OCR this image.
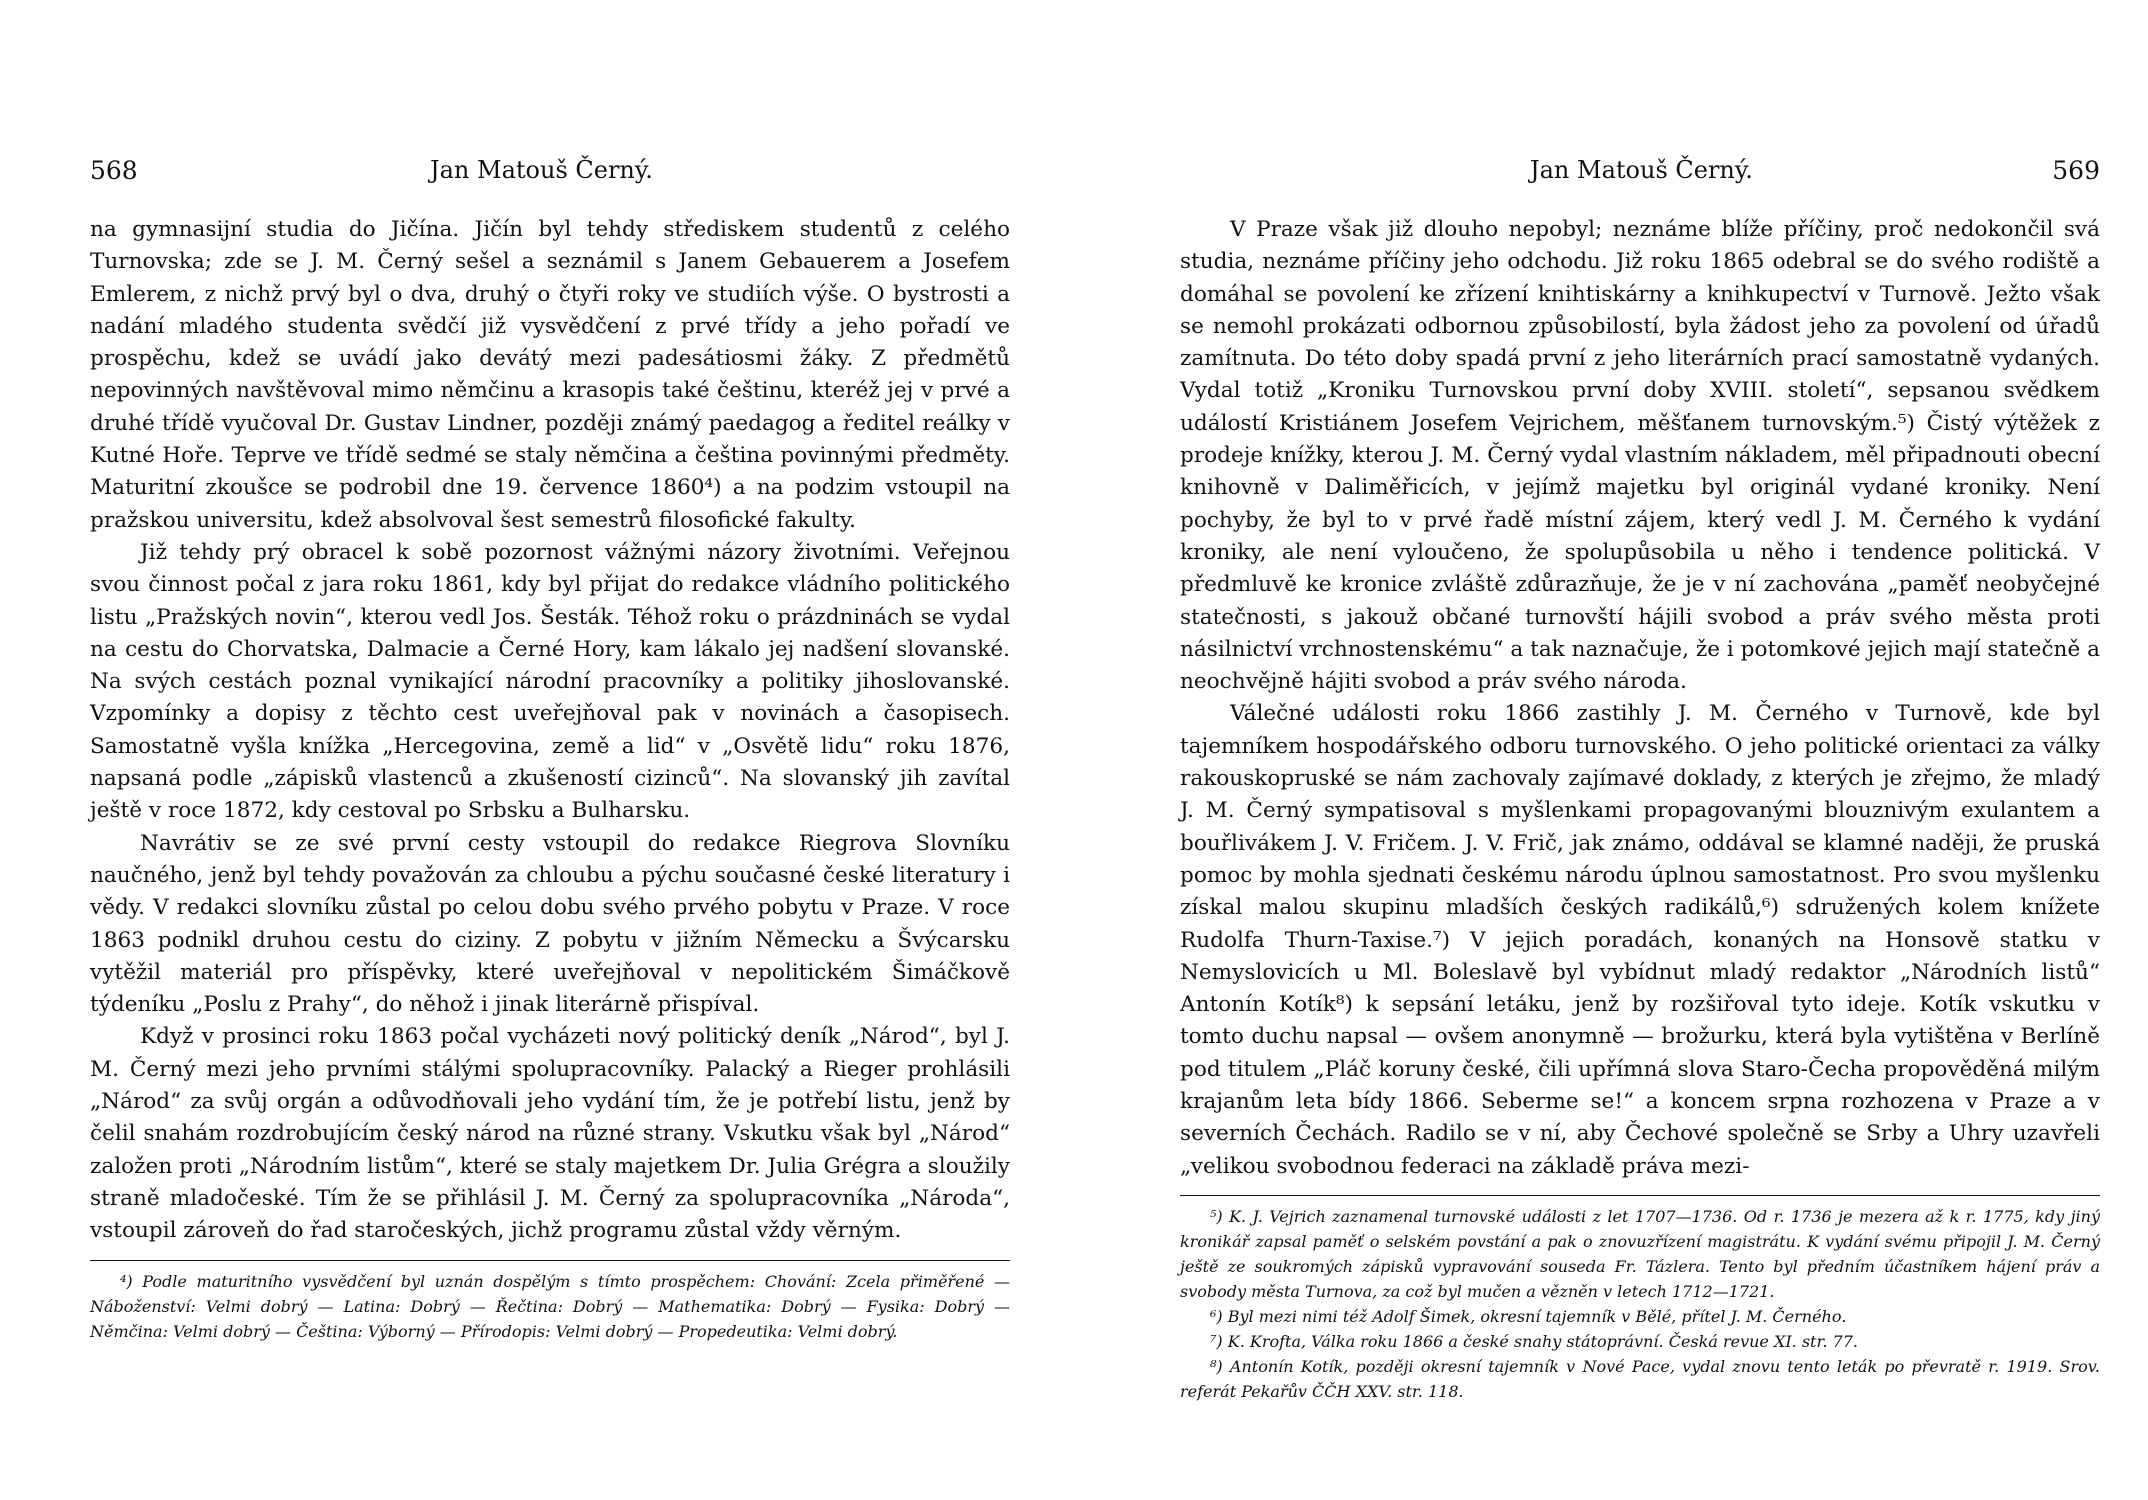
568	Jan Matouš Černý.

na gymnasijní studia do Jičína. Jičín byl tehdy střediskem studentů z celého Turnovska; zde se J. M. Černý sešel a seznámil s Janem Gebauerem a Josefem Emlerem, z nichž prvý byl o dva, druhý o čtyři roky ve studiích výše. O bystrosti a nadání mladého studenta svědčí již vysvědčení z prvé třídy a jeho pořadí ve prospěchu, kdež se uvádí jako devátý mezi padesátiosmi žáky. Z předmětů nepovinných navštěvoval mimo němčinu a krasopis také češtinu, kteréž jej v prvé a druhé třídě vyučoval Dr. Gustav Lindner, později známý paedagog a ředitel reálky v Kutné Hoře. Teprve ve třídě sedmé se staly němčina a čeština povinnými předměty. Maturitní zkoušce se podrobil dne 19. července 1860⁴) a na podzim vstoupil na pražskou universitu, kdež absolvoval šest semestrů filosofické fakulty.

Již tehdy prý obracel k sobě pozornost vážnými názory životními. Veřejnou svou činnost počal z jara roku 1861, kdy byl přijat do redakce vládního politického listu „Pražských novin“, kterou vedl Jos. Šesták. Téhož roku o prázdninách se vydal na cestu do Chorvatska, Dalmacie a Černé Hory, kam lákalo jej nadšení slovanské. Na svých cestách poznal vynikající národní pracovníky a politiky jihoslovanské. Vzpomínky a dopisy z těchto cest uveřejňoval pak v novinách a časopisech. Samostatně vyšla knížka „Hercegovina, země a lid“ v „Osvětě lidu“ roku 1876, napsaná podle „zápisků vlastenců a zkušeností cizinců“. Na slovanský jih zavítal ještě v roce 1872, kdy cestoval po Srbsku a Bulharsku.

Navrátiv se ze své první cesty vstoupil do redakce Riegrova Slovníku naučného, jenž byl tehdy považován za chloubu a pýchu současné české literatury i vědy. V redakci slovníku zůstal po celou dobu svého prvého pobytu v Praze. V roce 1863 podnikl druhou cestu do ciziny. Z pobytu v jižním Německu a Švýcarsku vytěžil materiál pro příspěvky, které uveřejňoval v nepolitickém Šimáčkově týdeníku „Poslu z Prahy“, do něhož i jinak literárně přispíval.

Když v prosinci roku 1863 počal vycházeti nový politický deník „Národ“, byl J. M. Černý mezi jeho prvními stálými spolupracovníky. Palacký a Rieger prohlásili „Národ“ za svůj orgán a odůvodňovali jeho vydání tím, že je potřebí listu, jenž by čelil snahám rozdrobujícím český národ na různé strany. Vskutku však byl „Národ“ založen proti „Národním listům“, které se staly majetkem Dr. Julia Grégra a sloužily straně mladočeské. Tím že se přihlásil J. M. Černý za spolupracovníka „Národa“, vstoupil zároveň do řad staročeských, jichž programu zůstal vždy věrným.

⁴) Podle maturitního vysvědčení byl uznán dospělým s tímto prospěchem: Chování: Zcela přiměřené — Náboženství: Velmi dobrý — Latina: Dobrý — Řečtina: Dobrý — Mathematika: Dobrý — Fysika: Dobrý — Němčina: Velmi dobrý — Čeština: Výborný — Přírodopis: Velmi dobrý — Propedeutika: Velmi dobrý.

Jan Matouš Černý.	569

V Praze však již dlouho nepobyl; neznáme blíže příčiny, proč nedokončil svá studia, neznáme příčiny jeho odchodu. Již roku 1865 odebral se do svého rodiště a domáhal se povolení ke zřízení knihtiskárny a knihkupectví v Turnově. Ježto však se nemohl prokázati odbornou způsobilostí, byla žádost jeho za povolení od úřadů zamítnuta. Do této doby spadá první z jeho literárních prací samostatně vydaných. Vydal totiž „Kroniku Turnovskou první doby XVIII. století“, sepsanou svědkem událostí Kristiánem Josefem Vejrichem, měšťanem turnovským.⁵) Čistý výtěžek z prodeje knížky, kterou J. M. Černý vydal vlastním nákladem, měl připadnouti obecní knihovně v Daliměřicích, v jejímž majetku byl originál vydané kroniky. Není pochyby, že byl to v prvé řadě místní zájem, který vedl J. M. Černého k vydání kroniky, ale není vyloučeno, že spolupůsobila u něho i tendence politická. V předmluvě ke kronice zvláště zdůrazňuje, že je v ní zachována „paměť neobyčejné statečnosti, s jakouž občané turnovští hájili svobod a práv svého města proti násilnictví vrchnostenskému“ a tak naznačuje, že i potomkové jejich mají statečně a neochvějně hájiti svobod a práv svého národa.

Válečné události roku 1866 zastihly J. M. Černého v Turnově, kde byl tajemníkem hospodářského odboru turnovského. O jeho politické orientaci za války rakouskopruské se nám zachovaly zajímavé doklady, z kterých je zřejmo, že mladý J. M. Černý sympatisoval s myšlenkami propagovanými blouznivým exulantem a bouřlivákem J. V. Fričem. J. V. Frič, jak známo, oddával se klamné naději, že pruská pomoc by mohla sjednati českému národu úplnou samostatnost. Pro svou myšlenku získal malou skupinu mladších českých radikálů,⁶) sdružených kolem knížete Rudolfa Thurn-Taxise.⁷) V jejich poradách, konaných na Honsově statku v Nemyslovicích u Ml. Boleslavě byl vybídnut mladý redaktor „Národních listů“ Antonín Kotík⁸) k sepsání letáku, jenž by rozšiřoval tyto ideje. Kotík vskutku v tomto duchu napsal — ovšem anonymně — brožurku, která byla vytištěna v Berlíně pod titulem „Pláč koruny české, čili upřímná slova Staro-Čecha propověděná milým krajanům leta bídy 1866. Seberme se!“ a koncem srpna rozhozena v Praze a v severních Čechách. Radilo se v ní, aby Čechové společně se Srby a Uhry uzavřeli „velikou svobodnou federaci na základě práva mezi-

⁵) K. J. Vejrich zaznamenal turnovské události z let 1707—1736. Od r. 1736 je mezera až k r. 1775, kdy jiný kronikář zapsal paměť o selském povstání a pak o znovuzřízení magistrátu. K vydání svému připojil J. M. Černý ještě ze soukromých zápisků vypravování souseda Fr. Tázlera. Tento byl předním účastníkem hájení práv a svobody města Turnova, za což byl mučen a vězněn v letech 1712—1721.

⁶) Byl mezi nimi též Adolf Šimek, okresní tajemník v Bělé, přítel J. M. Černého.

⁷) K. Krofta, Válka roku 1866 a české snahy státoprávní. Česká revue XI. str. 77.

⁸) Antonín Kotík, později okresní tajemník v Nové Pace, vydal znovu tento leták po převratě r. 1919. Srov. referát Pekařův ČČH XXV. str. 118.
